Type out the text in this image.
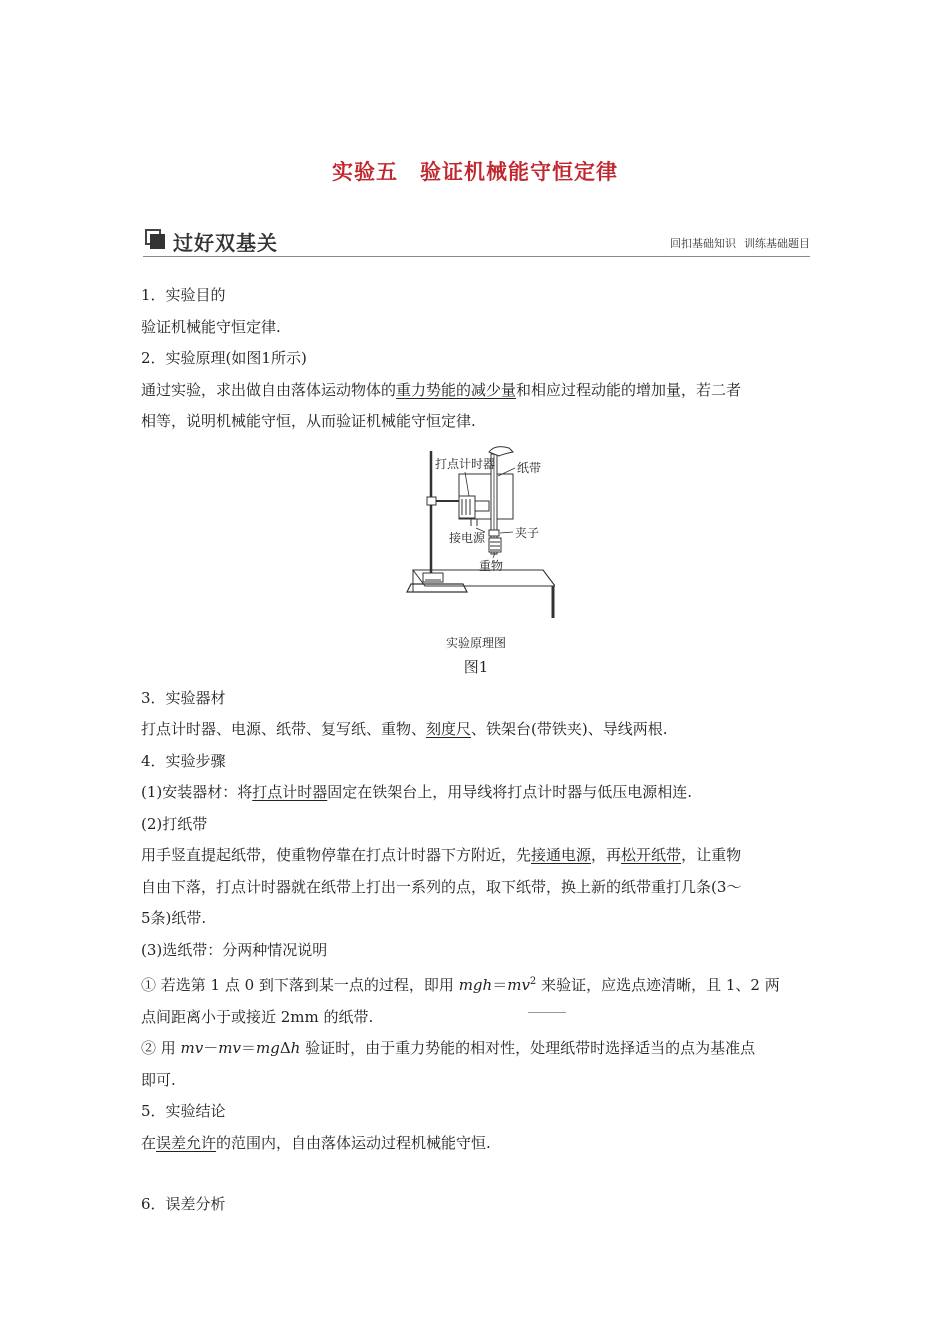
实验五　验证机械能守恒定律
过好双基关	回扣基础知识 训练基础题目

1．实验目的

验证机械能守恒定律.

2．实验原理(如图1所示)

通过实验，求出做自由落体运动物体的重力势能的减少量和相应过程动能的增加量，若二者

相等，说明机械能守恒，从而验证机械能守恒定律.

打点计时器 纸带
夹子
接电源
重物
实验原理图

图1

3．实验器材

打点计时器、电源、纸带、复写纸、重物、刻度尺、铁架台(带铁夹)、导线两根.

4．实验步骤

(1)安装器材：将打点计时器固定在铁架台上，用导线将打点计时器与低压电源相连.

(2)打纸带

用手竖直提起纸带，使重物停靠在打点计时器下方附近，先接通电源，再松开纸带，让重物

自由下落，打点计时器就在纸带上打出一系列的点，取下纸带，换上新的纸带重打几条(3～

5条)纸带.

(3)选纸带：分两种情况说明

① 若选第 1 点 0 到下落到某一点的过程，即用 $mgh=mv^2$ 来验证，应选点迹清晰，且 1、2 两

点间距离小于或接近 2mm 的纸带.

② 用 mv－mv＝mgΔh 验证时，由于重力势能的相对性，处理纸带时选择适当的点为基准点

即可.

5．实验结论

在误差允许的范围内，自由落体运动过程机械能守恒.

6．误差分析
